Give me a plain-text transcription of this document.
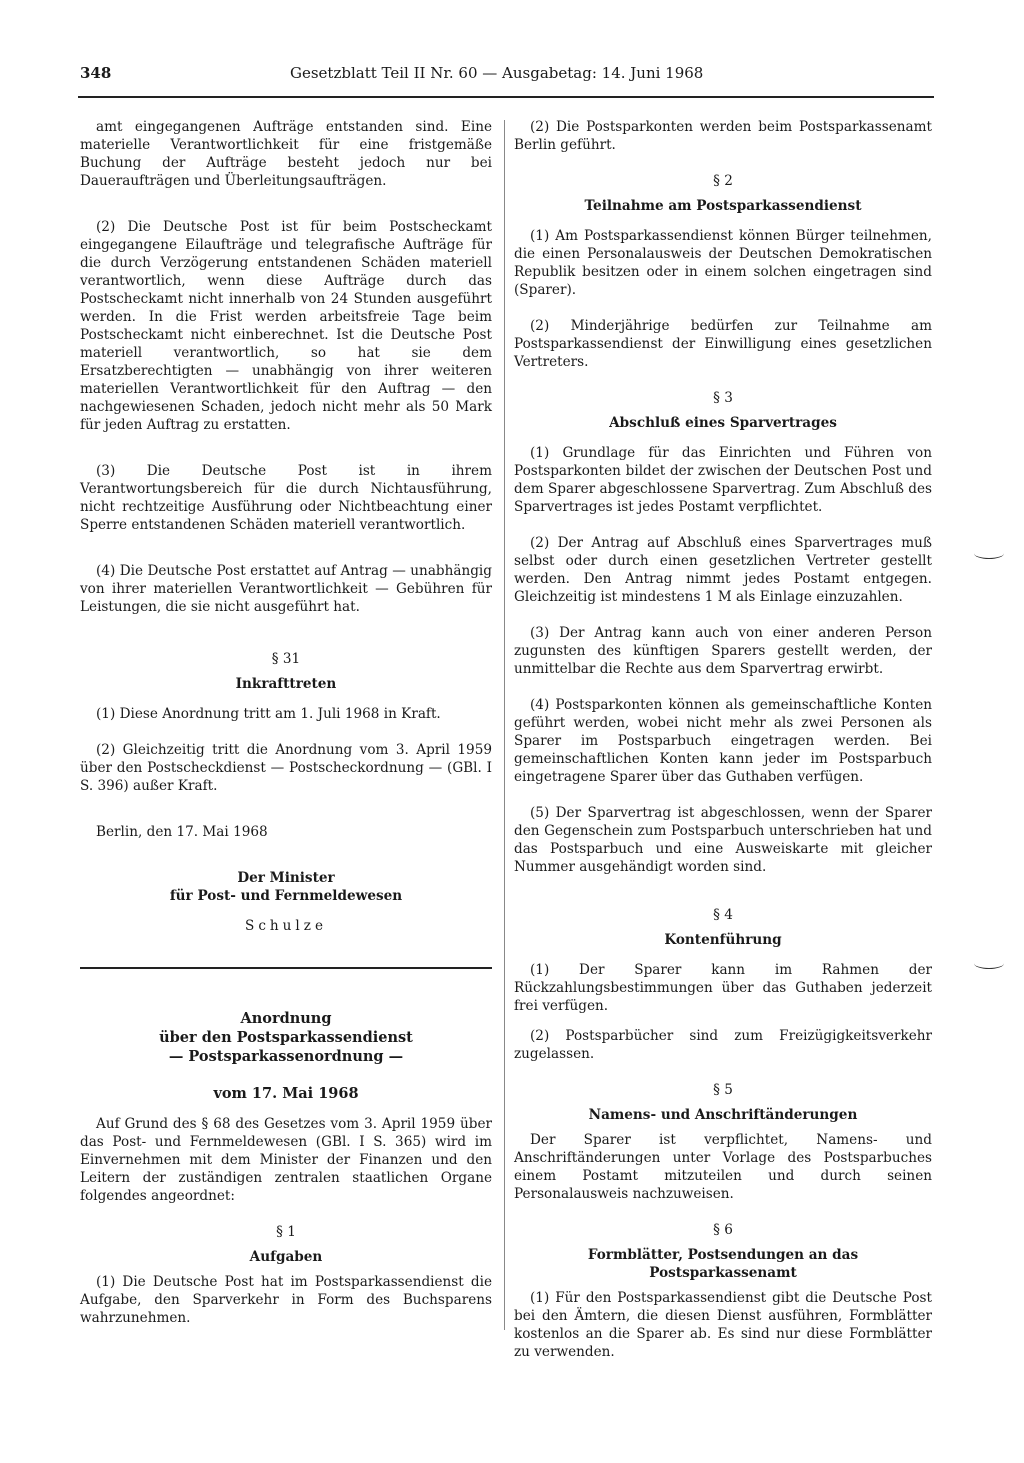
348	Gesetzblatt Teil II Nr. 60 — Ausgabetag: 14. Juni 1968

amt eingegangenen Aufträge entstanden sind. Eine materielle Verantwortlichkeit für eine fristgemäße Buchung der Aufträge besteht jedoch nur bei Daueraufträgen und Überleitungsaufträgen.

(2) Die Deutsche Post ist für beim Postscheckamt eingegangene Eilaufträge und telegrafische Aufträge für die durch Verzögerung entstandenen Schäden materiell verantwortlich, wenn diese Aufträge durch das Postscheckamt nicht innerhalb von 24 Stunden ausgeführt werden. In die Frist werden arbeitsfreie Tage beim Postscheckamt nicht einberechnet. Ist die Deutsche Post materiell verantwortlich, so hat sie dem Ersatzberechtigten — unabhängig von ihrer weiteren materiellen Verantwortlichkeit für den Auftrag — den nachgewiesenen Schaden, jedoch nicht mehr als 50 Mark für jeden Auftrag zu erstatten.

(3) Die Deutsche Post ist in ihrem Verantwortungsbereich für die durch Nichtausführung, nicht rechtzeitige Ausführung oder Nichtbeachtung einer Sperre entstandenen Schäden materiell verantwortlich.

(4) Die Deutsche Post erstattet auf Antrag — unabhängig von ihrer materiellen Verantwortlichkeit — Gebühren für Leistungen, die sie nicht ausgeführt hat.

§ 31

Inkrafttreten

(1) Diese Anordnung tritt am 1. Juli 1968 in Kraft.

(2) Gleichzeitig tritt die Anordnung vom 3. April 1959 über den Postscheckdienst — Postscheckordnung — (GBl. I S. 396) außer Kraft.

Berlin, den 17. Mai 1968

Der Minister
für Post- und Fernmeldewesen
Schulze
Anordnung
über den Postsparkassendienst
— Postsparkassenordnung —
vom 17. Mai 1968

Auf Grund des § 68 des Gesetzes vom 3. April 1959 über das Post- und Fernmeldewesen (GBl. I S. 365) wird im Einvernehmen mit dem Minister der Finanzen und den Leitern der zuständigen zentralen staatlichen Organe folgendes angeordnet:

§ 1

Aufgaben

(1) Die Deutsche Post hat im Postsparkassendienst die Aufgabe, den Sparverkehr in Form des Buchsparens wahrzunehmen.

(2) Die Postsparkonten werden beim Postsparkassenamt Berlin geführt.

§ 2

Teilnahme am Postsparkassendienst

(1) Am Postsparkassendienst können Bürger teilnehmen, die einen Personalausweis der Deutschen Demokratischen Republik besitzen oder in einem solchen eingetragen sind (Sparer).

(2) Minderjährige bedürfen zur Teilnahme am Postsparkassendienst der Einwilligung eines gesetzlichen Vertreters.

§ 3

Abschluß eines Sparvertrages

(1) Grundlage für das Einrichten und Führen von Postsparkonten bildet der zwischen der Deutschen Post und dem Sparer abgeschlossene Sparvertrag. Zum Abschluß des Sparvertrages ist jedes Postamt verpflichtet.

(2) Der Antrag auf Abschluß eines Sparvertrages muß selbst oder durch einen gesetzlichen Vertreter gestellt werden. Den Antrag nimmt jedes Postamt entgegen. Gleichzeitig ist mindestens 1 M als Einlage einzuzahlen.

(3) Der Antrag kann auch von einer anderen Person zugunsten des künftigen Sparers gestellt werden, der unmittelbar die Rechte aus dem Sparvertrag erwirbt.

(4) Postsparkonten können als gemeinschaftliche Konten geführt werden, wobei nicht mehr als zwei Personen als Sparer im Postsparbuch eingetragen werden. Bei gemeinschaftlichen Konten kann jeder im Postsparbuch eingetragene Sparer über das Guthaben verfügen.

(5) Der Sparvertrag ist abgeschlossen, wenn der Sparer den Gegenschein zum Postsparbuch unterschrieben hat und das Postsparbuch und eine Ausweiskarte mit gleicher Nummer ausgehändigt worden sind.

§ 4

Kontenführung

(1) Der Sparer kann im Rahmen der Rückzahlungsbestimmungen über das Guthaben jederzeit frei verfügen.

(2) Postsparbücher sind zum Freizügigkeitsverkehr zugelassen.

§ 5

Namens- und Anschriftänderungen

Der Sparer ist verpflichtet, Namens- und Anschriftänderungen unter Vorlage des Postsparbuches einem Postamt mitzuteilen und durch seinen Personalausweis nachzuweisen.

§ 6

Formblätter, Postsendungen an das Postsparkassenamt

(1) Für den Postsparkassendienst gibt die Deutsche Post bei den Ämtern, die diesen Dienst ausführen, Formblätter kostenlos an die Sparer ab. Es sind nur diese Formblätter zu verwenden.
